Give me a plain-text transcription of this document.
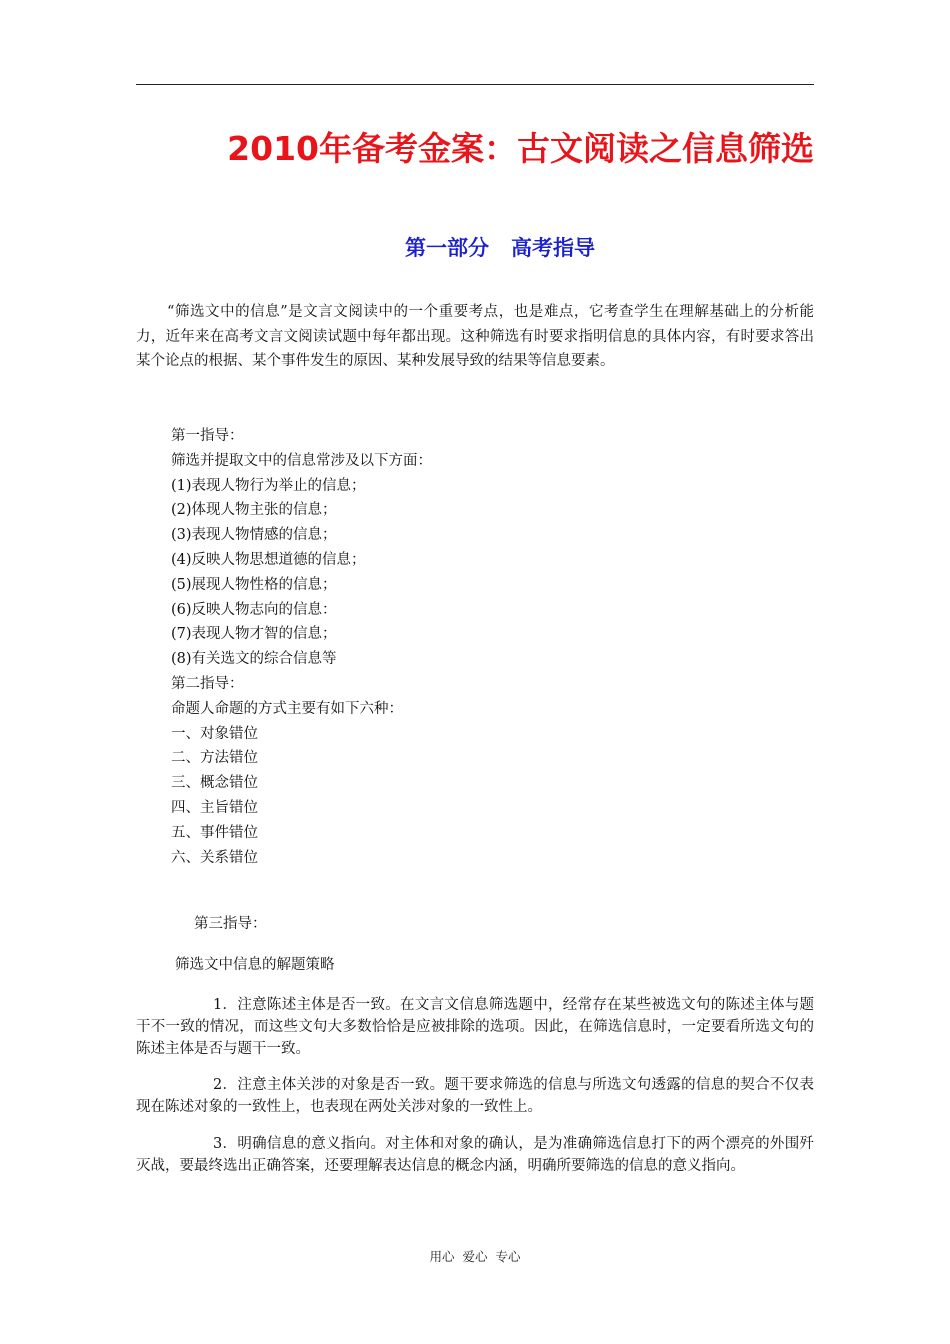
2010年备考金案：古文阅读之信息筛选
第一部分   高考指导

“筛选文中的信息”是文言文阅读中的一个重要考点，也是难点，它考查学生在理解基础上的分析能力，近年来在高考文言文阅读试题中每年都出现。这种筛选有时要求指明信息的具体内容，有时要求答出某个论点的根据、某个事件发生的原因、某种发展导致的结果等信息要素。

第一指导：
筛选并提取文中的信息常涉及以下方面：
(1)表现人物行为举止的信息；
(2)体现人物主张的信息；
(3)表现人物情感的信息；
(4)反映人物思想道德的信息；
(5)展现人物性格的信息；
(6)反映人物志向的信息：
(7)表现人物才智的信息；
(8)有关选文的综合信息等
第二指导：
命题人命题的方式主要有如下六种：
一、对象错位
二、方法错位
三、概念错位
四、主旨错位
五、事件错位
六、关系错位
第三指导：
筛选文中信息的解题策略

1．注意陈述主体是否一致。在文言文信息筛选题中，经常存在某些被选文句的陈述主体与题干不一致的情况，而这些文句大多数恰恰是应被排除的选项。因此，在筛选信息时，一定要看所选文句的陈述主体是否与题干一致。

2．注意主体关涉的对象是否一致。题干要求筛选的信息与所选文句透露的信息的契合不仅表现在陈述对象的一致性上，也表现在两处关涉对象的一致性上。

3．明确信息的意义指向。对主体和对象的确认，是为准确筛选信息打下的两个漂亮的外围歼灭战，要最终选出正确答案，还要理解表达信息的概念内涵，明确所要筛选的信息的意义指向。

用心  爱心  专心
